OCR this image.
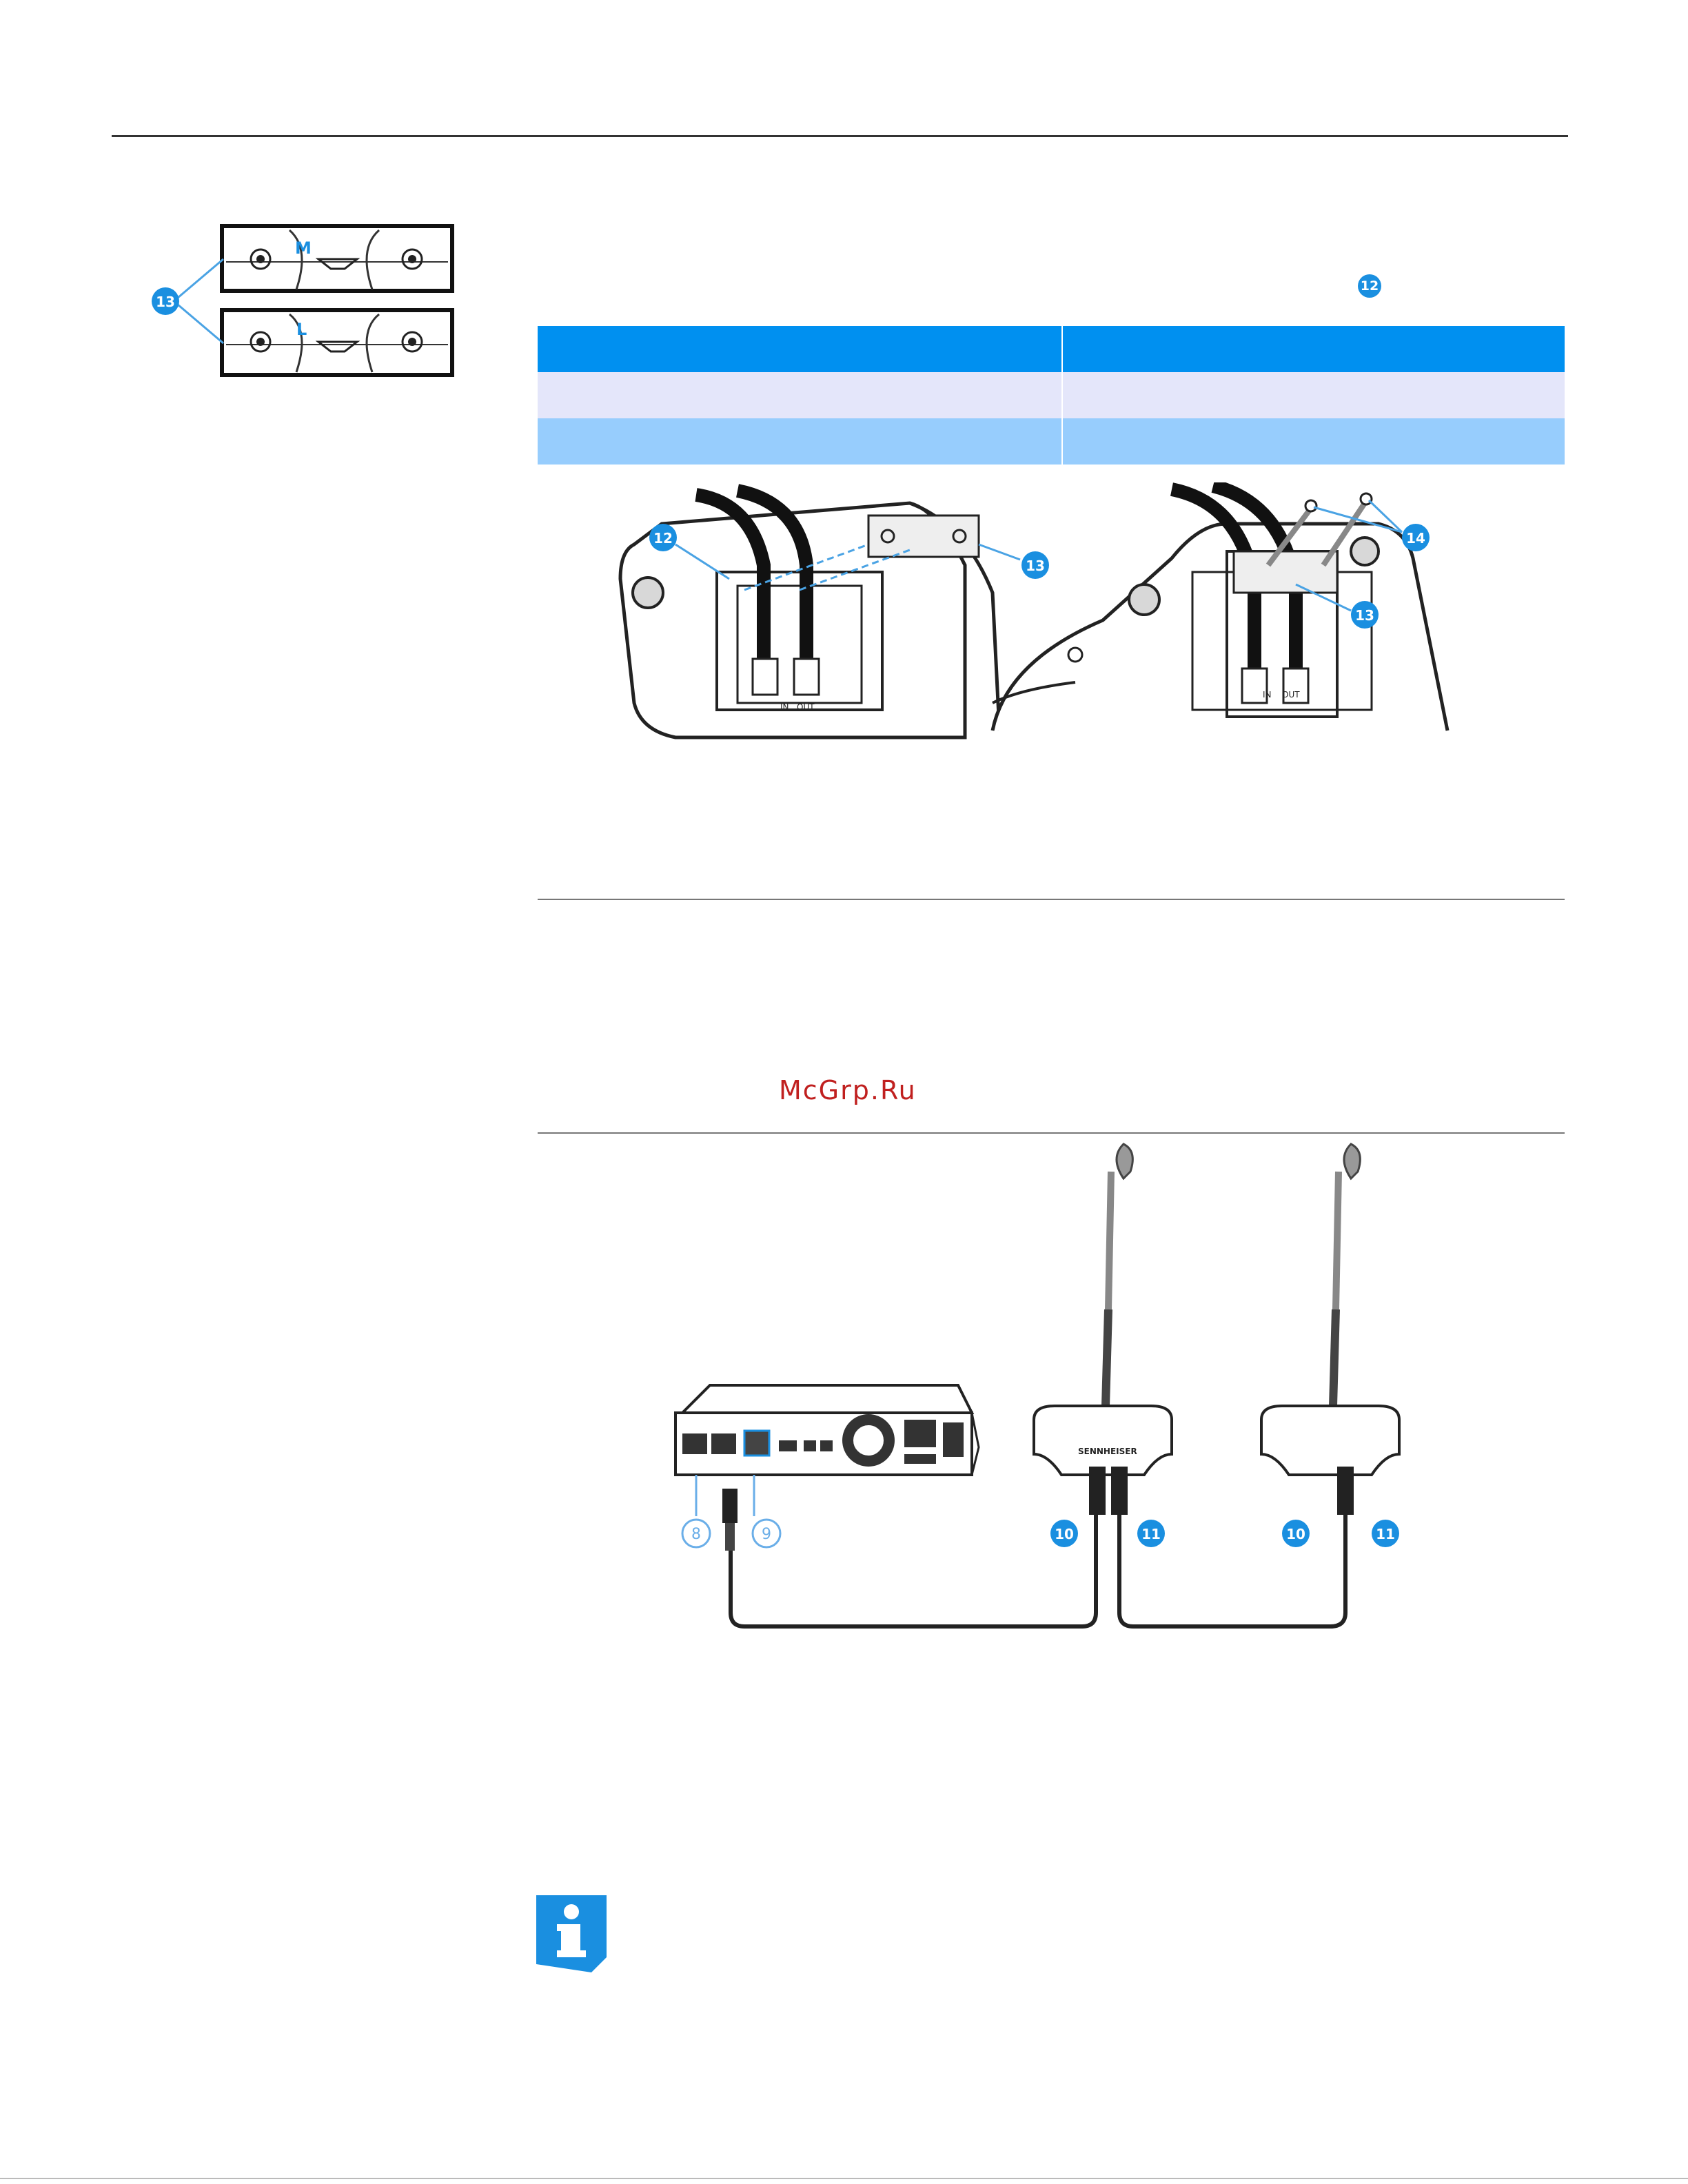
M
L
13
12

IN OUT
12
13
IN OUT
14
13
McGrp.Ru
SENNHEISER
8	9	10	11	10	11
